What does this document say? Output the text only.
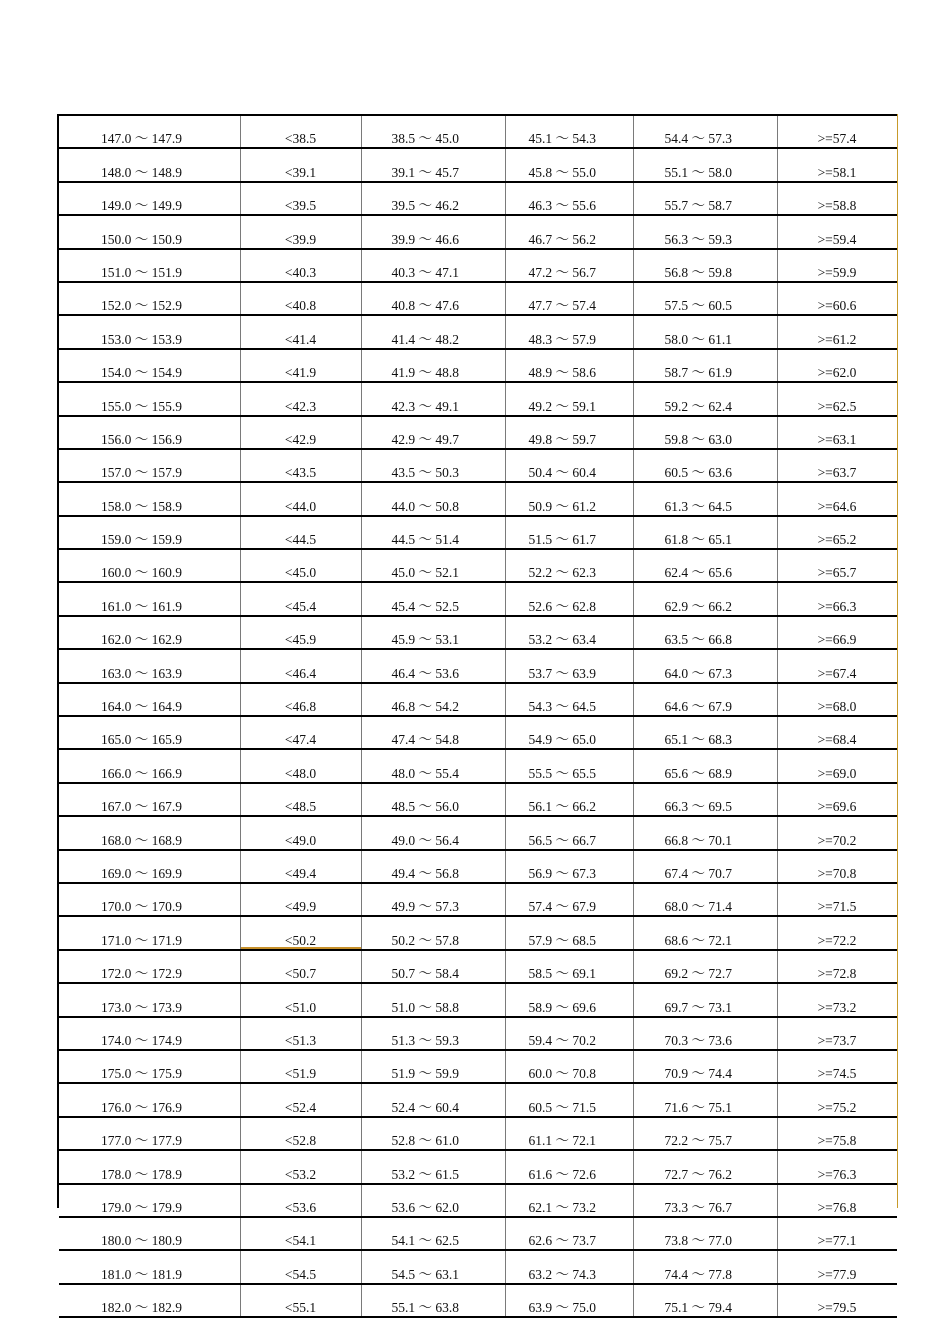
147.0 ～ 147.9	<38.5	38.5 ～ 45.0	45.1 ～ 54.3	54.4 ～ 57.3	>=57.4
148.0 ～ 148.9	<39.1	39.1 ～ 45.7	45.8 ～ 55.0	55.1 ～ 58.0	>=58.1
149.0 ～ 149.9	<39.5	39.5 ～ 46.2	46.3 ～ 55.6	55.7 ～ 58.7	>=58.8
150.0 ～ 150.9	<39.9	39.9 ～ 46.6	46.7 ～ 56.2	56.3 ～ 59.3	>=59.4
151.0 ～ 151.9	<40.3	40.3 ～ 47.1	47.2 ～ 56.7	56.8 ～ 59.8	>=59.9
152.0 ～ 152.9	<40.8	40.8 ～ 47.6	47.7 ～ 57.4	57.5 ～ 60.5	>=60.6
153.0 ～ 153.9	<41.4	41.4 ～ 48.2	48.3 ～ 57.9	58.0 ～ 61.1	>=61.2
154.0 ～ 154.9	<41.9	41.9 ～ 48.8	48.9 ～ 58.6	58.7 ～ 61.9	>=62.0
155.0 ～ 155.9	<42.3	42.3 ～ 49.1	49.2 ～ 59.1	59.2 ～ 62.4	>=62.5
156.0 ～ 156.9	<42.9	42.9 ～ 49.7	49.8 ～ 59.7	59.8 ～ 63.0	>=63.1
157.0 ～ 157.9	<43.5	43.5 ～ 50.3	50.4 ～ 60.4	60.5 ～ 63.6	>=63.7
158.0 ～ 158.9	<44.0	44.0 ～ 50.8	50.9 ～ 61.2	61.3 ～ 64.5	>=64.6
159.0 ～ 159.9	<44.5	44.5 ～ 51.4	51.5 ～ 61.7	61.8 ～ 65.1	>=65.2
160.0 ～ 160.9	<45.0	45.0 ～ 52.1	52.2 ～ 62.3	62.4 ～ 65.6	>=65.7
161.0 ～ 161.9	<45.4	45.4 ～ 52.5	52.6 ～ 62.8	62.9 ～ 66.2	>=66.3
162.0 ～ 162.9	<45.9	45.9 ～ 53.1	53.2 ～ 63.4	63.5 ～ 66.8	>=66.9
163.0 ～ 163.9	<46.4	46.4 ～ 53.6	53.7 ～ 63.9	64.0 ～ 67.3	>=67.4
164.0 ～ 164.9	<46.8	46.8 ～ 54.2	54.3 ～ 64.5	64.6 ～ 67.9	>=68.0
165.0 ～ 165.9	<47.4	47.4 ～ 54.8	54.9 ～ 65.0	65.1 ～ 68.3	>=68.4
166.0 ～ 166.9	<48.0	48.0 ～ 55.4	55.5 ～ 65.5	65.6 ～ 68.9	>=69.0
167.0 ～ 167.9	<48.5	48.5 ～ 56.0	56.1 ～ 66.2	66.3 ～ 69.5	>=69.6
168.0 ～ 168.9	<49.0	49.0 ～ 56.4	56.5 ～ 66.7	66.8 ～ 70.1	>=70.2
169.0 ～ 169.9	<49.4	49.4 ～ 56.8	56.9 ～ 67.3	67.4 ～ 70.7	>=70.8
170.0 ～ 170.9	<49.9	49.9 ～ 57.3	57.4 ～ 67.9	68.0 ～ 71.4	>=71.5
171.0 ～ 171.9	<50.2	50.2 ～ 57.8	57.9 ～ 68.5	68.6 ～ 72.1	>=72.2
172.0 ～ 172.9	<50.7	50.7 ～ 58.4	58.5 ～ 69.1	69.2 ～ 72.7	>=72.8
173.0 ～ 173.9	<51.0	51.0 ～ 58.8	58.9 ～ 69.6	69.7 ～ 73.1	>=73.2
174.0 ～ 174.9	<51.3	51.3 ～ 59.3	59.4 ～ 70.2	70.3 ～ 73.6	>=73.7
175.0 ～ 175.9	<51.9	51.9 ～ 59.9	60.0 ～ 70.8	70.9 ～ 74.4	>=74.5
176.0 ～ 176.9	<52.4	52.4 ～ 60.4	60.5 ～ 71.5	71.6 ～ 75.1	>=75.2
177.0 ～ 177.9	<52.8	52.8 ～ 61.0	61.1 ～ 72.1	72.2 ～ 75.7	>=75.8
178.0 ～ 178.9	<53.2	53.2 ～ 61.5	61.6 ～ 72.6	72.7 ～ 76.2	>=76.3
179.0 ～ 179.9	<53.6	53.6 ～ 62.0	62.1 ～ 73.2	73.3 ～ 76.7	>=76.8
180.0 ～ 180.9	<54.1	54.1 ～ 62.5	62.6 ～ 73.7	73.8 ～ 77.0	>=77.1
181.0 ～ 181.9	<54.5	54.5 ～ 63.1	63.2 ～ 74.3	74.4 ～ 77.8	>=77.9
182.0 ～ 182.9	<55.1	55.1 ～ 63.8	63.9 ～ 75.0	75.1 ～ 79.4	>=79.5
